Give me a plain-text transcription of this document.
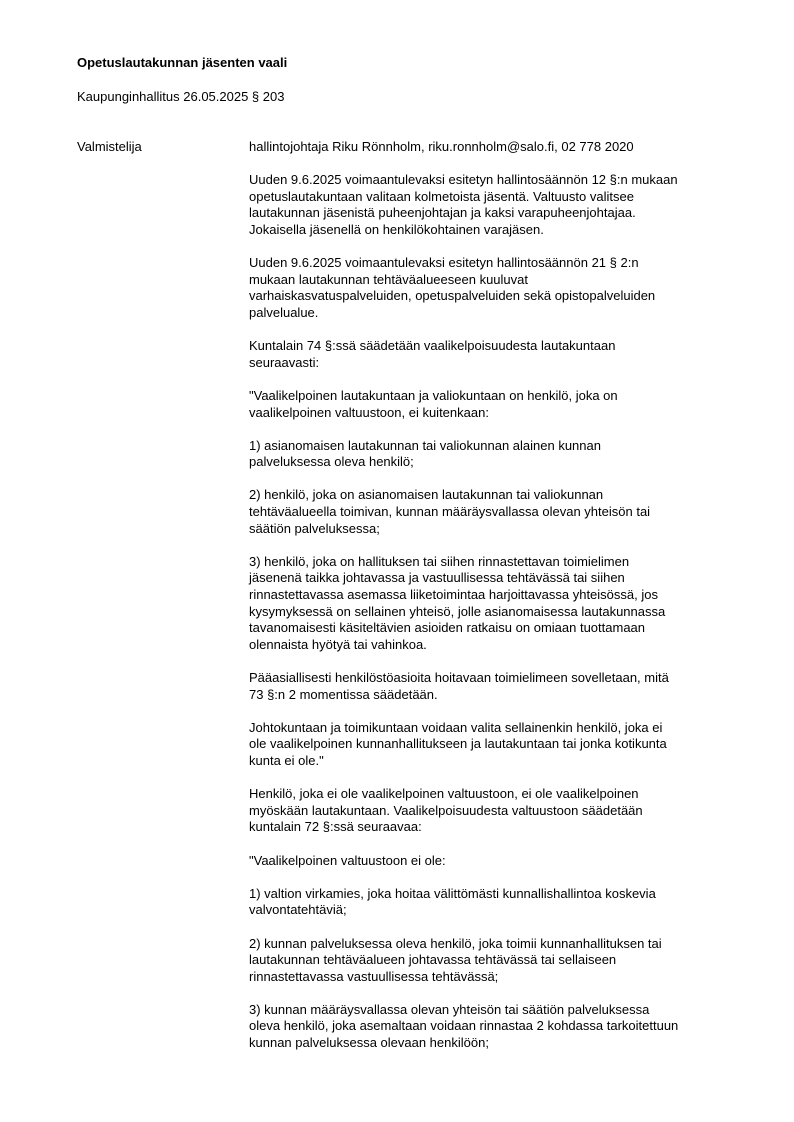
Opetuslautakunnan jäsenten vaali

Kaupunginhallitus 26.05.2025 § 203

Valmistelija	hallintojohtaja Riku Rönnholm, riku.ronnholm@salo.fi, 02 778 2020

Uuden 9.6.2025 voimaantulevaksi esitetyn hallintosäännön 12 §:n mukaan
opetuslautakuntaan valitaan kolmetoista jäsentä. Valtuusto valitsee
lautakunnan jäsenistä puheenjohtajan ja kaksi varapuheenjohtajaa.
Jokaisella jäsenellä on henkilökohtainen varajäsen.

Uuden 9.6.2025 voimaantulevaksi esitetyn hallintosäännön 21 § 2:n
mukaan lautakunnan tehtäväalueeseen kuuluvat
varhaiskasvatuspalveluiden, opetuspalveluiden sekä opistopalveluiden
palvelualue.

Kuntalain 74 §:ssä säädetään vaalikelpoisuudesta lautakuntaan
seuraavasti:

"Vaalikelpoinen lautakuntaan ja valiokuntaan on henkilö, joka on
vaalikelpoinen valtuustoon, ei kuitenkaan:

1) asianomaisen lautakunnan tai valiokunnan alainen kunnan
palveluksessa oleva henkilö;

2) henkilö, joka on asianomaisen lautakunnan tai valiokunnan
tehtäväalueella toimivan, kunnan määräysvallassa olevan yhteisön tai
säätiön palveluksessa;

3) henkilö, joka on hallituksen tai siihen rinnastettavan toimielimen
jäsenenä taikka johtavassa ja vastuullisessa tehtävässä tai siihen
rinnastettavassa asemassa liiketoimintaa harjoittavassa yhteisössä, jos
kysymyksessä on sellainen yhteisö, jolle asianomaisessa lautakunnassa
tavanomaisesti käsiteltävien asioiden ratkaisu on omiaan tuottamaan
olennaista hyötyä tai vahinkoa.

Pääasiallisesti henkilöstöasioita hoitavaan toimielimeen sovelletaan, mitä
73 §:n 2 momentissa säädetään.

Johtokuntaan ja toimikuntaan voidaan valita sellainenkin henkilö, joka ei
ole vaalikelpoinen kunnanhallitukseen ja lautakuntaan tai jonka kotikunta
kunta ei ole."

Henkilö, joka ei ole vaalikelpoinen valtuustoon, ei ole vaalikelpoinen
myöskään lautakuntaan. Vaalikelpoisuudesta valtuustoon säädetään
kuntalain 72 §:ssä seuraavaa:

"Vaalikelpoinen valtuustoon ei ole:

1) valtion virkamies, joka hoitaa välittömästi kunnallishallintoa koskevia
valvontatehtäviä;

2) kunnan palveluksessa oleva henkilö, joka toimii kunnanhallituksen tai
lautakunnan tehtäväalueen johtavassa tehtävässä tai sellaiseen
rinnastettavassa vastuullisessa tehtävässä;

3) kunnan määräysvallassa olevan yhteisön tai säätiön palveluksessa
oleva henkilö, joka asemaltaan voidaan rinnastaa 2 kohdassa tarkoitettuun
kunnan palveluksessa olevaan henkilöön;
